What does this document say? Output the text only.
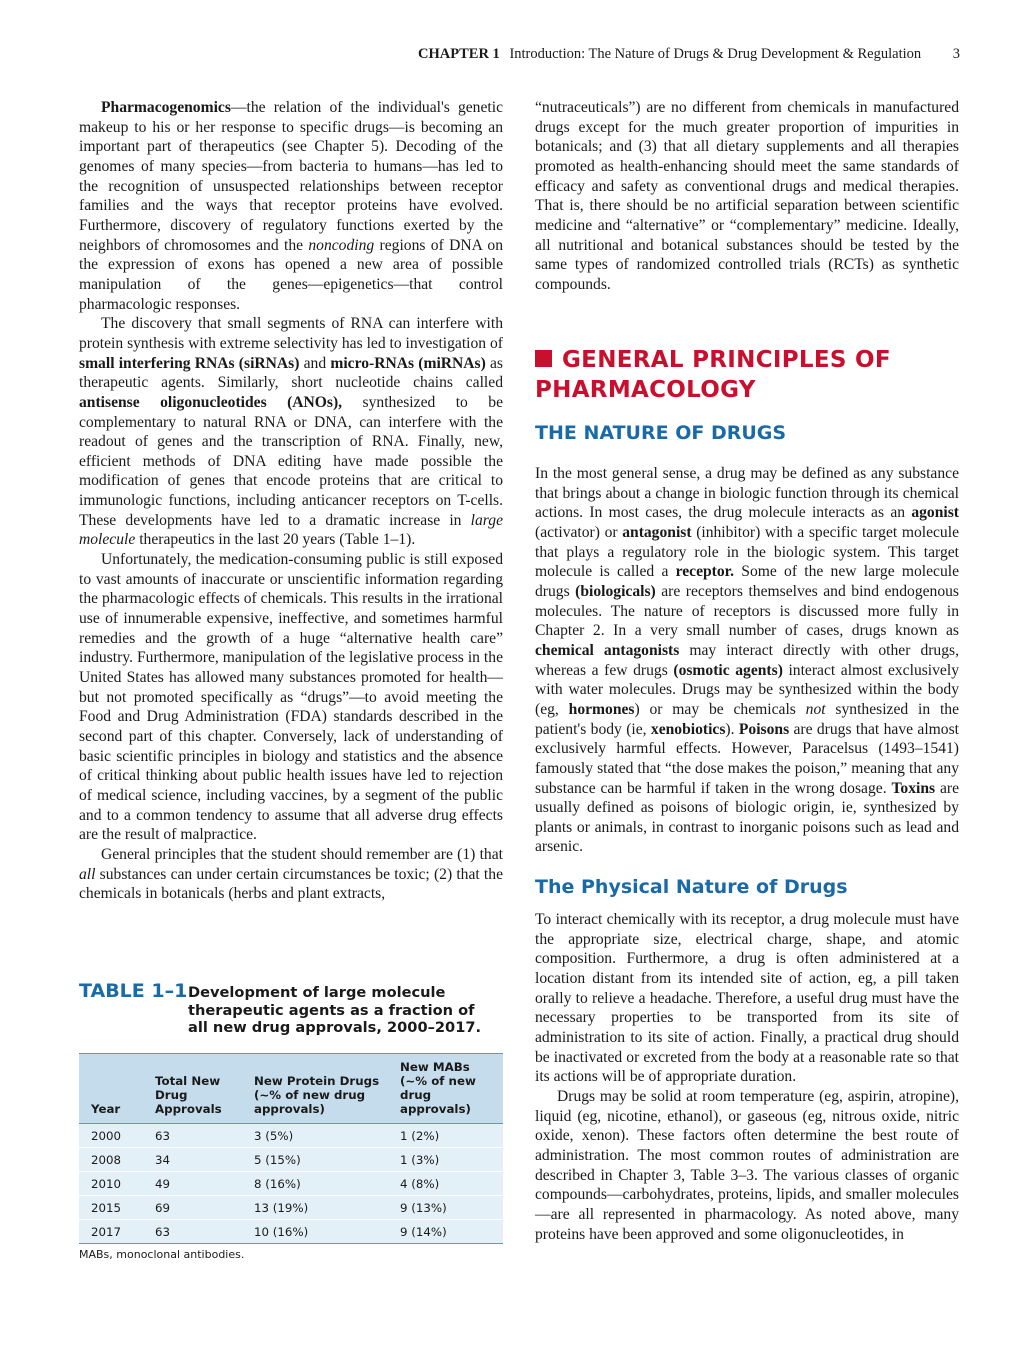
CHAPTER 1 Introduction: The Nature of Drugs & Drug Development & Regulation 3

Pharmacogenomics—the relation of the individual's genetic makeup to his or her response to specific drugs—is becoming an important part of therapeutics (see Chapter 5). Decoding of the genomes of many species—from bacteria to humans—has led to the recognition of unsuspected relationships between receptor families and the ways that receptor proteins have evolved. Furthermore, discovery of regulatory functions exerted by the neighbors of chromosomes and the noncoding regions of DNA on the expression of exons has opened a new area of possible manipulation of the genes—epigenetics—that control pharmacologic responses.

The discovery that small segments of RNA can interfere with protein synthesis with extreme selectivity has led to investigation of small interfering RNAs (siRNAs) and micro-RNAs (miRNAs) as therapeutic agents. Similarly, short nucleotide chains called antisense oligonucleotides (ANOs), synthesized to be complementary to natural RNA or DNA, can interfere with the readout of genes and the transcription of RNA. Finally, new, efficient methods of DNA editing have made possible the modification of genes that encode proteins that are critical to immunologic functions, including anticancer receptors on T-cells. These developments have led to a dramatic increase in large molecule therapeutics in the last 20 years (Table 1–1).

Unfortunately, the medication-consuming public is still exposed to vast amounts of inaccurate or unscientific information regarding the pharmacologic effects of chemicals. This results in the irrational use of innumerable expensive, ineffective, and sometimes harmful remedies and the growth of a huge “alternative health care” industry. Furthermore, manipulation of the legislative process in the United States has allowed many substances promoted for health—but not promoted specifically as “drugs”—to avoid meeting the Food and Drug Administration (FDA) standards described in the second part of this chapter. Conversely, lack of understanding of basic scientific principles in biology and statistics and the absence of critical thinking about public health issues have led to rejection of medical science, including vaccines, by a segment of the public and to a common tendency to assume that all adverse drug effects are the result of malpractice.

General principles that the student should remember are (1) that all substances can under certain circumstances be toxic; (2) that the chemicals in botanicals (herbs and plant extracts,

TABLE 1–1 Development of large molecule therapeutic agents as a fraction of all new drug approvals, 2000–2017.
Year	Total New Drug Approvals	New Protein Drugs (~% of new drug approvals)	New MABs (~% of new drug approvals)
2000	63	3 (5%)	1 (2%)
2008	34	5 (15%)	1 (3%)
2010	49	8 (16%)	4 (8%)
2015	69	13 (19%)	9 (13%)
2017	63	10 (16%)	9 (14%)
MABs, monoclonal antibodies.

“nutraceuticals”) are no different from chemicals in manufactured drugs except for the much greater proportion of impurities in botanicals; and (3) that all dietary supplements and all therapies promoted as health-enhancing should meet the same standards of efficacy and safety as conventional drugs and medical therapies. That is, there should be no artificial separation between scientific medicine and “alternative” or “complementary” medicine. Ideally, all nutritional and botanical substances should be tested by the same types of randomized controlled trials (RCTs) as synthetic compounds.

GENERAL PRINCIPLES OF PHARMACOLOGY
THE NATURE OF DRUGS

In the most general sense, a drug may be defined as any substance that brings about a change in biologic function through its chemical actions. In most cases, the drug molecule interacts as an agonist (activator) or antagonist (inhibitor) with a specific target molecule that plays a regulatory role in the biologic system. This target molecule is called a receptor. Some of the new large molecule drugs (biologicals) are receptors themselves and bind endogenous molecules. The nature of receptors is discussed more fully in Chapter 2. In a very small number of cases, drugs known as chemical antagonists may interact directly with other drugs, whereas a few drugs (osmotic agents) interact almost exclusively with water molecules. Drugs may be synthesized within the body (eg, hormones) or may be chemicals not synthesized in the patient's body (ie, xenobiotics). Poisons are drugs that have almost exclusively harmful effects. However, Paracelsus (1493–1541) famously stated that “the dose makes the poison,” meaning that any substance can be harmful if taken in the wrong dosage. Toxins are usually defined as poisons of biologic origin, ie, synthesized by plants or animals, in contrast to inorganic poisons such as lead and arsenic.

The Physical Nature of Drugs

To interact chemically with its receptor, a drug molecule must have the appropriate size, electrical charge, shape, and atomic composition. Furthermore, a drug is often administered at a location distant from its intended site of action, eg, a pill taken orally to relieve a headache. Therefore, a useful drug must have the necessary properties to be transported from its site of administration to its site of action. Finally, a practical drug should be inactivated or excreted from the body at a reasonable rate so that its actions will be of appropriate duration.

Drugs may be solid at room temperature (eg, aspirin, atropine), liquid (eg, nicotine, ethanol), or gaseous (eg, nitrous oxide, nitric oxide, xenon). These factors often determine the best route of administration. The most common routes of administration are described in Chapter 3, Table 3–3. The various classes of organic compounds—carbohydrates, proteins, lipids, and smaller molecules—are all represented in pharmacology. As noted above, many proteins have been approved and some oligonucleotides, in
